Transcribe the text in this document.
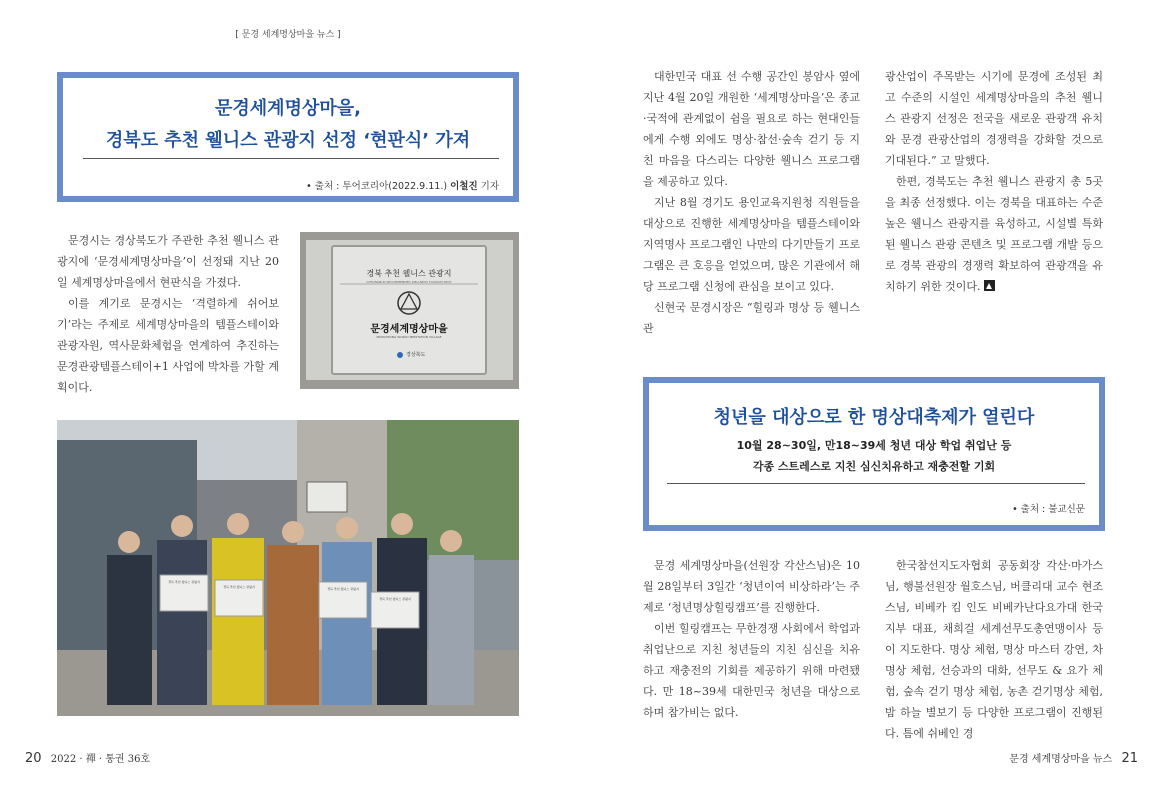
[ 문경 세계명상마을 뉴스 ]
문경세계명상마을,
경북도 추천 웰니스 관광지 선정 ‘현판식’ 가져
• 출처 : 투어코리아(2022.9.11.) 이철진 기자

문경시는 경상북도가 주관한 추천 웰니스 관광지에 ‘문경세계명상마을’이 선정돼 지난 20일 세계명상마을에서 현판식을 가졌다.

이를 계기로 문경시는 ‘격렬하게 쉬어보기’라는 주제로 세계명상마을의 템플스테이와 관광자원, 역사문화체험을 연계하여 추진하는 문경관광템플스테이+1 사업에 박차를 가할 계획이다.

경북 추천 웰니스 관광지
GYEONGBUK RECOMMENDED WELLNESS TOURISM SPOT
문경세계명상마을
MUNGYEONG WORLD MEDITATION VILLAGE
경상북도
경북 추천 웰니스 관광지
경북 추천 웰니스 관광지	경북 추천 웰니스 관광지
경북 추천 웰니스 관광지

대한민국 대표 선 수행 공간인 봉암사 옆에 지난 4월 20일 개원한 ‘세계명상마을’은 종교·국적에 관계없이 쉼을 필요로 하는 현대인들에게 수행 외에도 명상·참선·숲속 걷기 등 지친 마음을 다스리는 다양한 웰니스 프로그램을 제공하고 있다.

지난 8월 경기도 용인교육지원청 직원들을 대상으로 진행한 세계명상마을 템플스테이와 지역명사 프로그램인 나만의 다기만들기 프로그램은 큰 호응을 얻었으며, 많은 기관에서 해당 프로그램 신청에 관심을 보이고 있다.

신현국 문경시장은 “힐링과 명상 등 웰니스 관

광산업이 주목받는 시기에 문경에 조성된 최고 수준의 시설인 세계명상마을의 추천 웰니스 관광지 선정은 전국을 새로운 관광객 유치와 문경 관광산업의 경쟁력을 강화할 것으로 기대된다.” 고 말했다.

한편, 경북도는 추천 웰니스 관광지 총 5곳을 최종 선정했다. 이는 경북을 대표하는 수준 높은 웰니스 관광지를 육성하고, 시설별 특화된 웰니스 관광 콘텐츠 및 프로그램 개발 등으로 경북 관광의 경쟁력 확보하여 관광객을 유치하기 위한 것이다.

청년을 대상으로 한 명상대축제가 열린다
10월 28~30일, 만18~39세 청년 대상 학업 취업난 등
각종 스트레스로 지친 심신치유하고 재충전할 기회
• 출처 : 불교신문

문경 세계명상마을(선원장 각산스님)은 10월 28일부터 3일간 ‘청년이여 비상하라’는 주제로 ‘청년명상힐링캠프’를 진행한다.

이번 힐링캠프는 무한경쟁 사회에서 학업과 취업난으로 지친 청년들의 지친 심신을 치유하고 재충전의 기회를 제공하기 위해 마련됐다. 만 18~39세 대한민국 청년을 대상으로 하며 참가비는 없다.

한국참선지도자협회 공동회장 각산·마가스님, 행불선원장 월호스님, 버클리대 교수 현조스님, 비베카 킴 인도 비베카난다요가대 한국지부 대표, 채희걸 세계선무도총연맹이사 등이 지도한다. 명상 체험, 명상 마스터 강연, 차명상 체험, 선승과의 대화, 선무도 & 요가 체험, 숲속 걷기 명상 체험, 농촌 걷기명상 체험, 밤 하늘 별보기 등 다양한 프로그램이 진행된다. 틈에 쉬베인 경

20 2022 · 禪 · 통권 36호	문경 세계명상마을 뉴스 21
